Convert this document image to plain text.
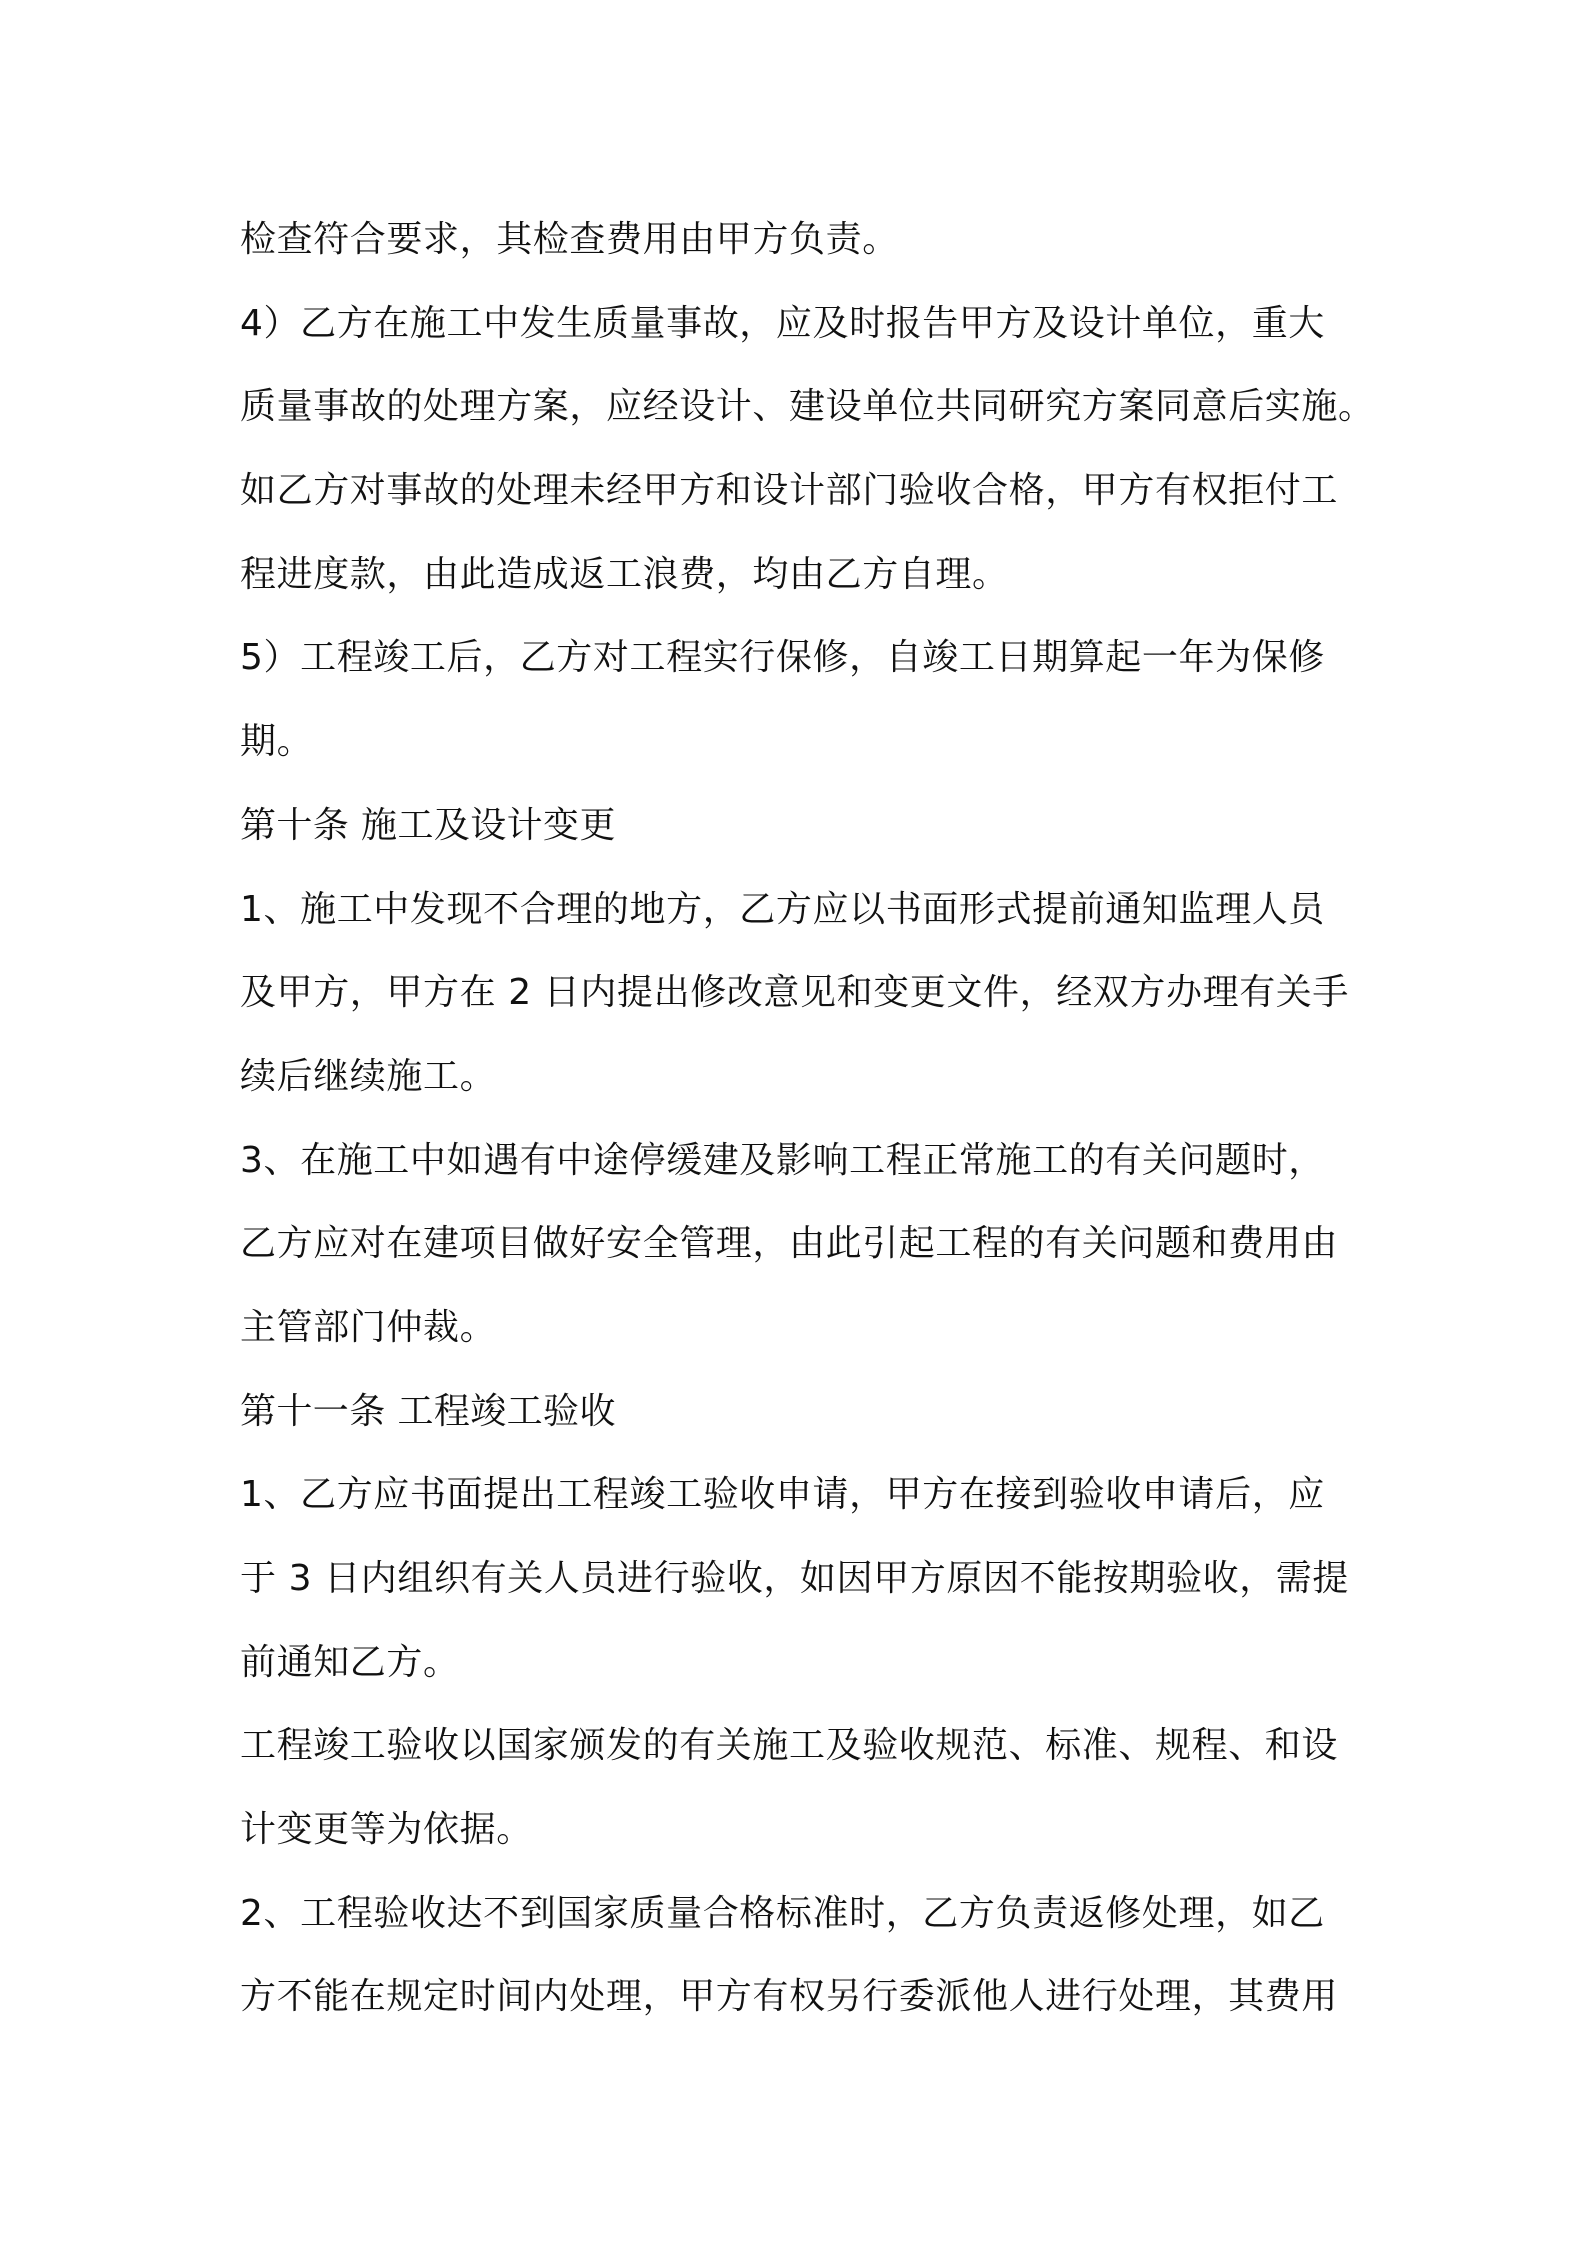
检查符合要求，其检查费用由甲方负责。
4）乙方在施工中发生质量事故，应及时报告甲方及设计单位，重大
质量事故的处理方案，应经设计、建设单位共同研究方案同意后实施。
如乙方对事故的处理未经甲方和设计部门验收合格，甲方有权拒付工
程进度款，由此造成返工浪费，均由乙方自理。
5）工程竣工后，乙方对工程实行保修，自竣工日期算起一年为保修
期。
第十条 施工及设计变更
1、施工中发现不合理的地方，乙方应以书面形式提前通知监理人员
及甲方，甲方在 2 日内提出修改意见和变更文件，经双方办理有关手
续后继续施工。
3、在施工中如遇有中途停缓建及影响工程正常施工的有关问题时，
乙方应对在建项目做好安全管理，由此引起工程的有关问题和费用由
主管部门仲裁。
第十一条 工程竣工验收
1、乙方应书面提出工程竣工验收申请，甲方在接到验收申请后，应
于 3 日内组织有关人员进行验收，如因甲方原因不能按期验收，需提
前通知乙方。
工程竣工验收以国家颁发的有关施工及验收规范、标准、规程、和设
计变更等为依据。
2、工程验收达不到国家质量合格标准时，乙方负责返修处理，如乙
方不能在规定时间内处理，甲方有权另行委派他人进行处理，其费用
